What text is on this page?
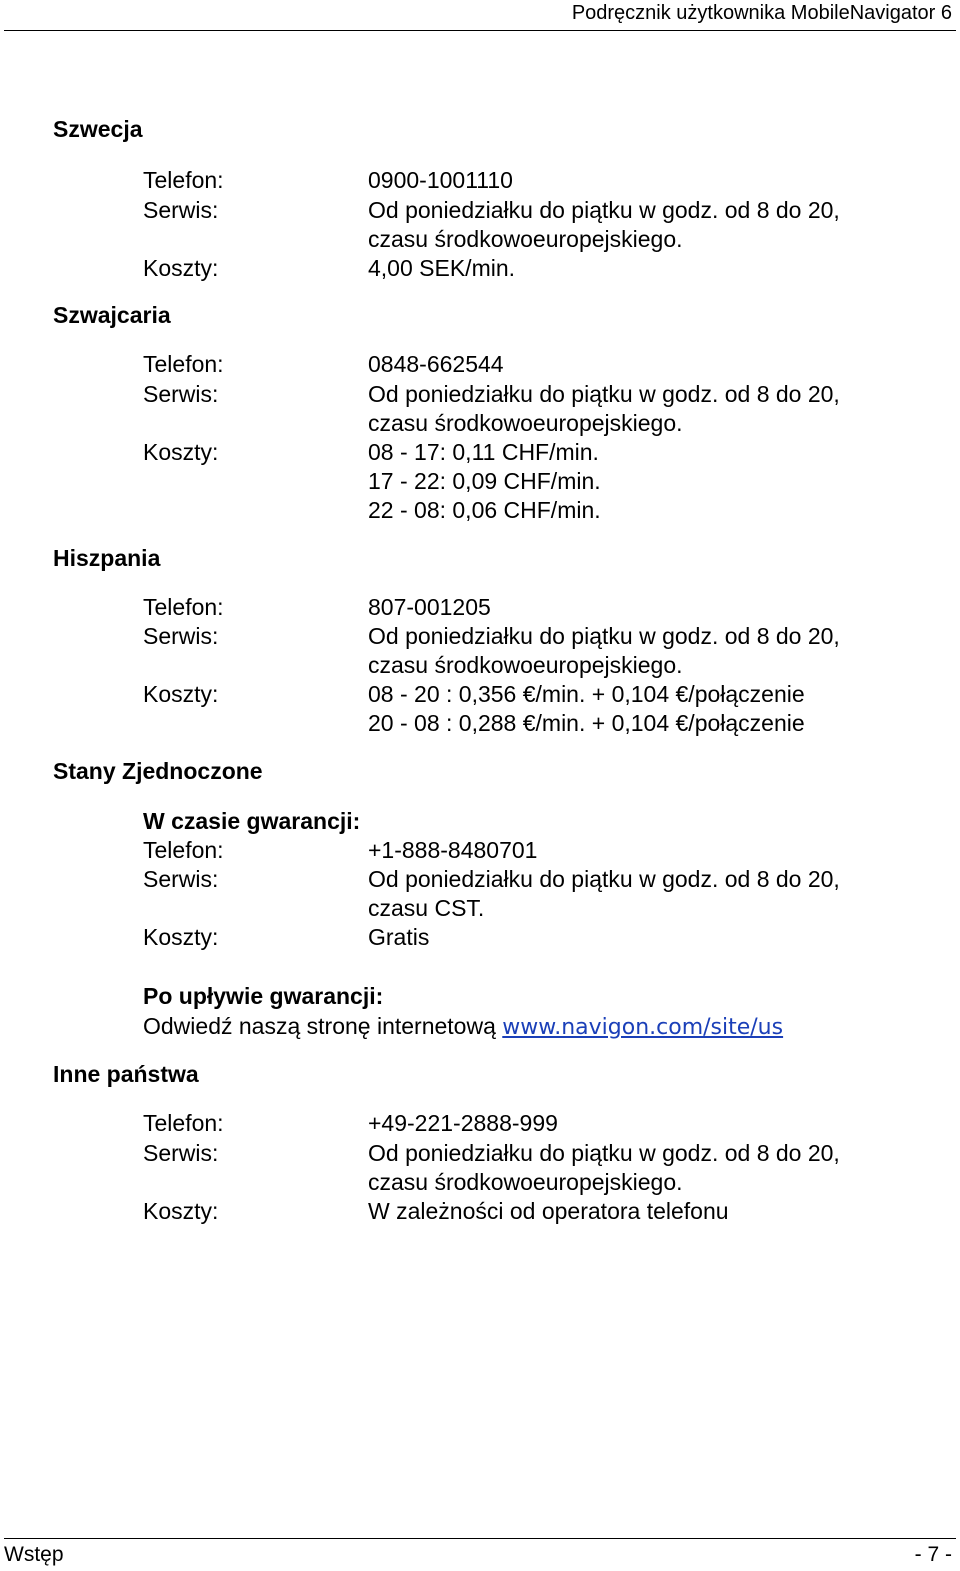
Podręcznik użytkownika MobileNavigator 6
Szwecja
Telefon:	0900-1001110
Serwis:	Od poniedziałku do piątku w godz. od 8 do 20,
czasu środkowoeuropejskiego.
Koszty:	4,00 SEK/min.
Szwajcaria
Telefon:	0848-662544
Serwis:	Od poniedziałku do piątku w godz. od 8 do 20,
czasu środkowoeuropejskiego.
Koszty:	08 - 17: 0,11 CHF/min.
17 - 22: 0,09 CHF/min.
22 - 08: 0,06 CHF/min.
Hiszpania
Telefon:	807-001205
Serwis:	Od poniedziałku do piątku w godz. od 8 do 20,
czasu środkowoeuropejskiego.
Koszty:	08 - 20 : 0,356 €/min. + 0,104 €/połączenie
20 - 08 : 0,288 €/min. + 0,104 €/połączenie
Stany Zjednoczone
W czasie gwarancji:
Telefon:	+1-888-8480701
Serwis:	Od poniedziałku do piątku w godz. od 8 do 20,
czasu CST.
Koszty:	Gratis
Po upływie gwarancji:
Odwiedź naszą stronę internetową www.navigon.com/site/us
Inne państwa
Telefon:	+49-221-2888-999
Serwis:	Od poniedziałku do piątku w godz. od 8 do 20,
czasu środkowoeuropejskiego.
Koszty:	W zależności od operatora telefonu
Wstęp	- 7 -
